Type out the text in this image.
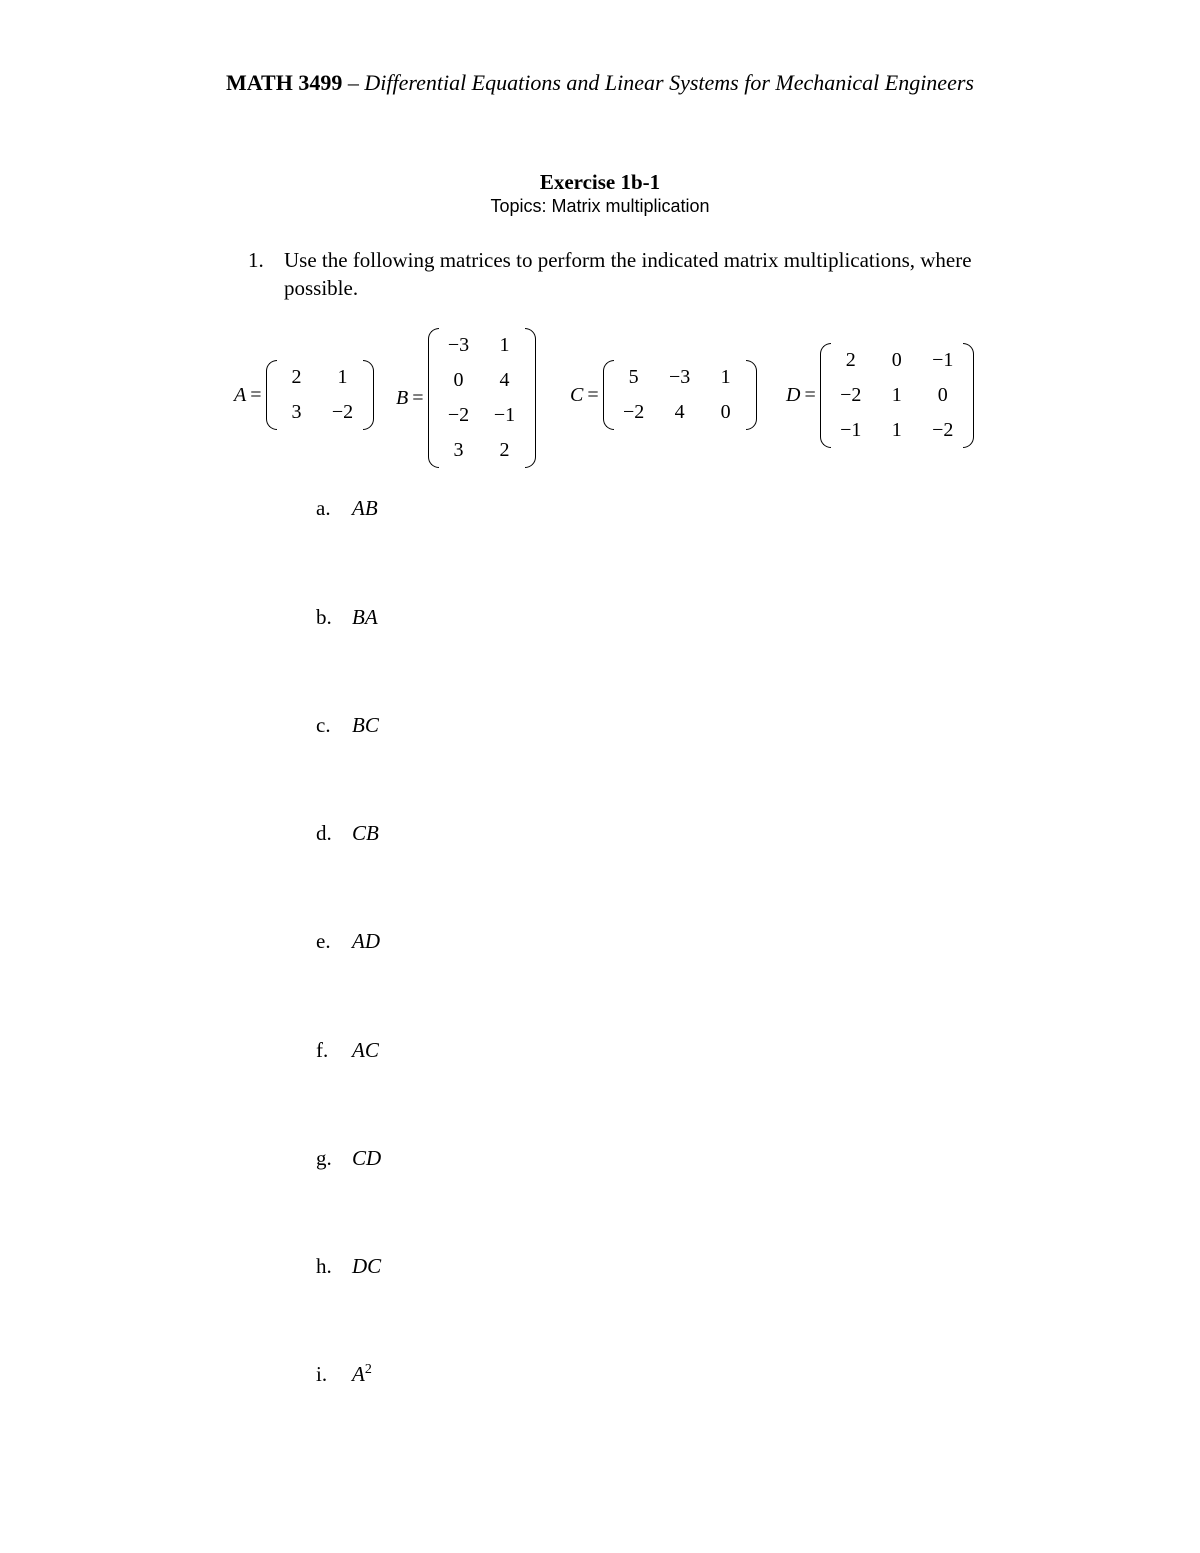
MATH 3499 – Differential Equations and Linear Systems for Mechanical Engineers
Exercise 1b-1
Topics: Matrix multiplication
1. Use the following matrices to perform the indicated matrix multiplications, where possible.
A =
2	1
3	−2
B =
−3	1
0	4
−2	−1
3	2
C =
5	−3	1
−2	4	0
D =
2	0	−1
−2	1	0
−1	1	−2
a. AB
b. BA
c. BC
d. CB
e. AD
f. AC
g. CD
h. DC
i. $A^2$
